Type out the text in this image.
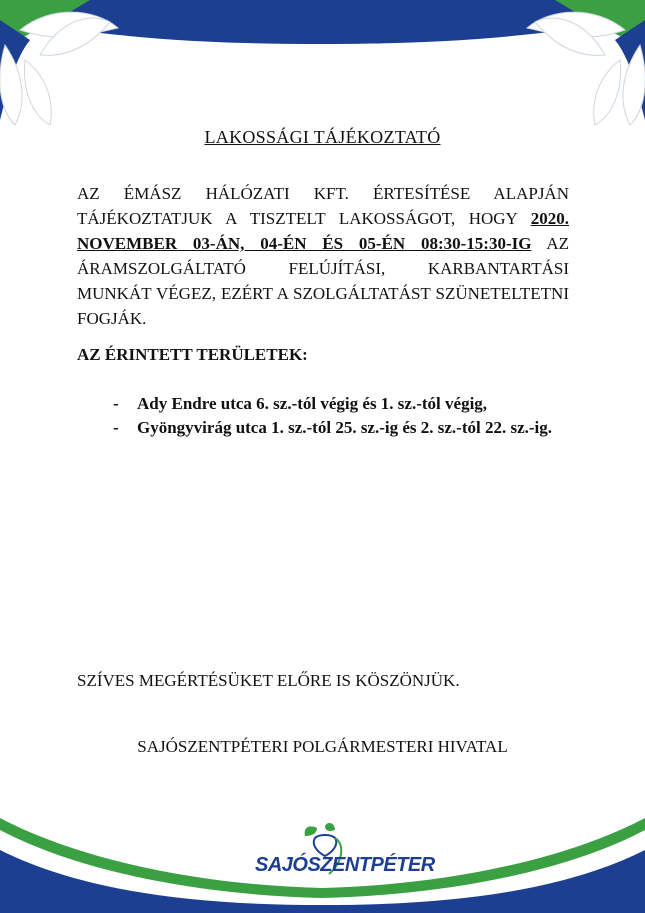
LAKOSSÁGI TÁJÉKOZTATÓ
AZ ÉMÁSZ HÁLÓZATI KFT. ÉRTESÍTÉSE ALAPJÁN TÁJÉKOZTATJUK A TISZTELT LAKOSSÁGOT, HOGY 2020. NOVEMBER 03-ÁN, 04-ÉN ÉS 05-ÉN 08:30-15:30-IG AZ ÁRAMSZOLGÁLTATÓ FELÚJÍTÁSI, KARBANTARTÁSI MUNKÁT VÉGEZ, EZÉRT A SZOLGÁLTATÁST SZÜNETELTETNI FOGJÁK.
AZ ÉRINTETT TERÜLETEK:
- Ady Endre utca 6. sz.-tól végig és 1. sz.-tól végig,
- Gyöngyvirág utca 1. sz.-tól 25. sz.-ig és 2. sz.-tól 22. sz.-ig.
SZÍVES MEGÉRTÉSÜKET ELŐRE IS KÖSZÖNJÜK.
SAJÓSZENTPÉTERI POLGÁRMESTERI HIVATAL
SAJÓSZENTPÉTER
